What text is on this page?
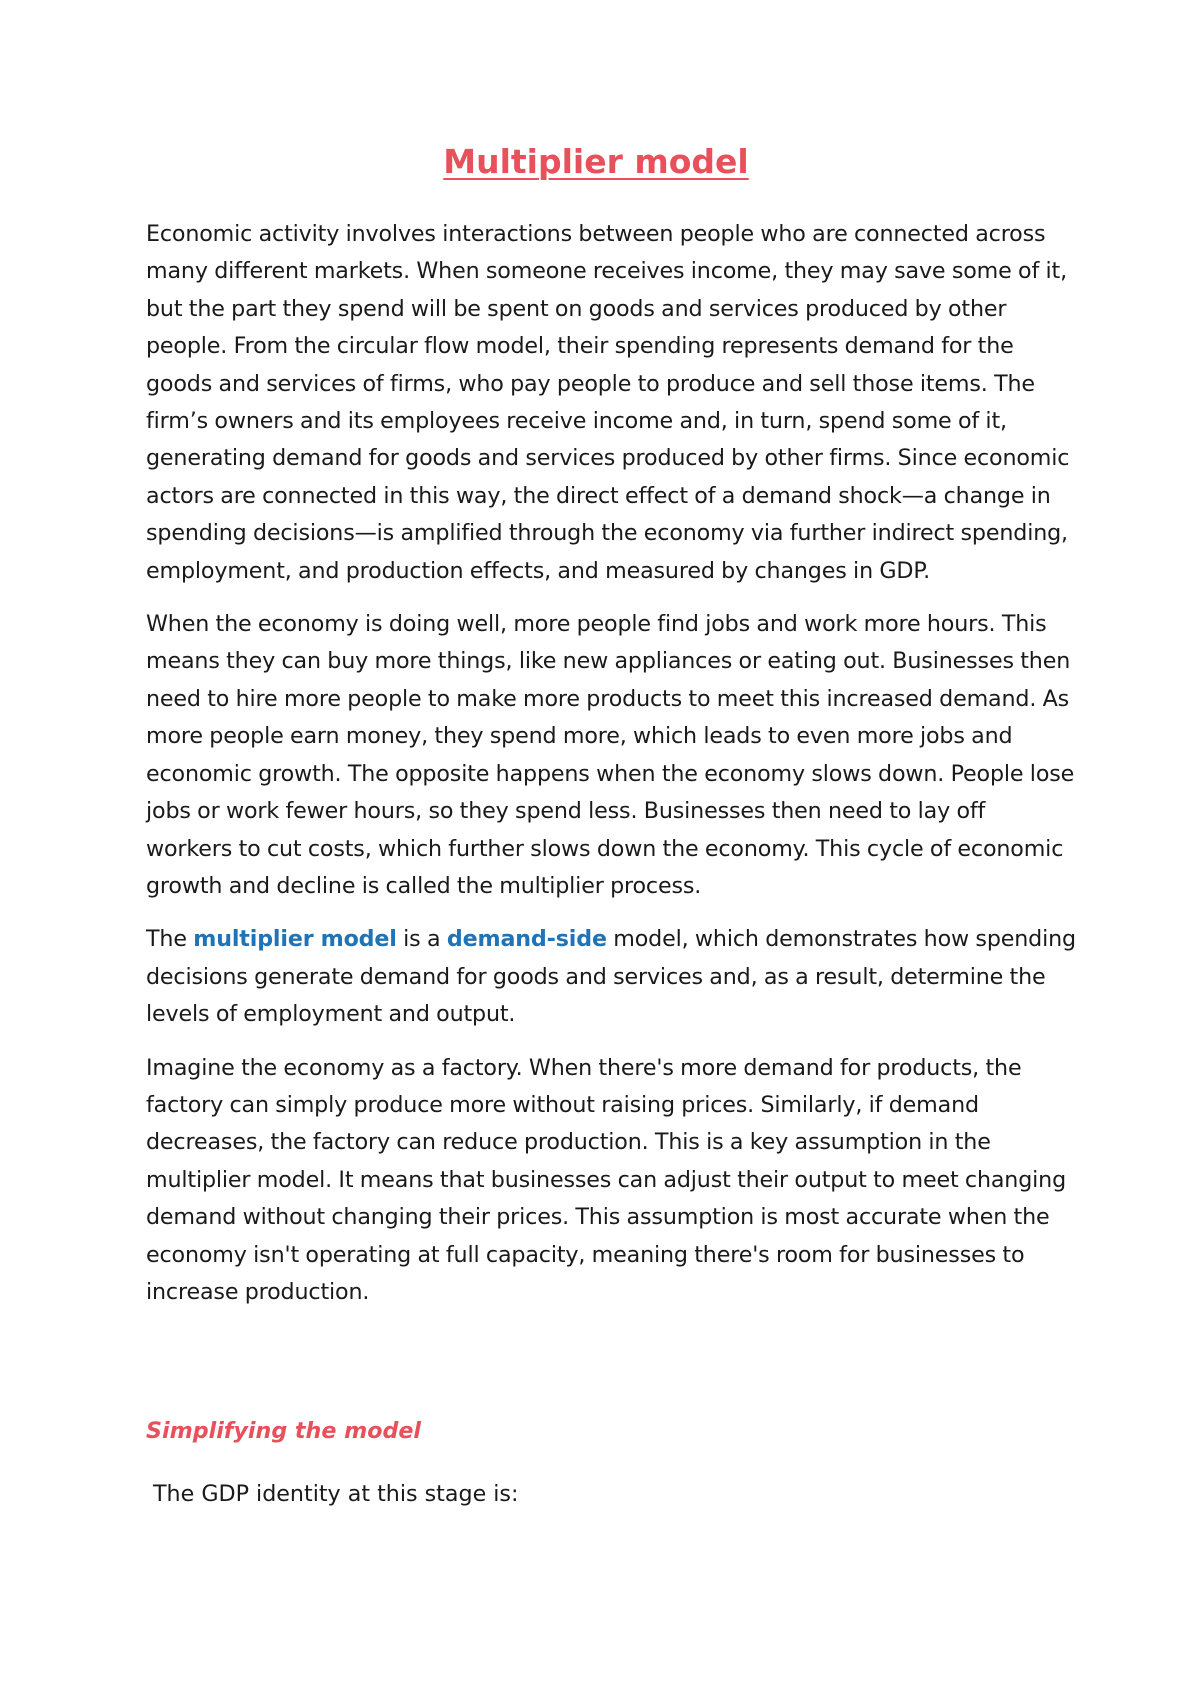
Multiplier model

Economic activity involves interactions between people who are connected across many different markets. When someone receives income, they may save some of it, but the part they spend will be spent on goods and services produced by other people. From the circular flow model, their spending represents demand for the goods and services of firms, who pay people to produce and sell those items. The firm’s owners and its employees receive income and, in turn, spend some of it, generating demand for goods and services produced by other firms. Since economic actors are connected in this way, the direct effect of a demand shock—a change in spending decisions—is amplified through the economy via further indirect spending, employment, and production effects, and measured by changes in GDP.

When the economy is doing well, more people find jobs and work more hours. This means they can buy more things, like new appliances or eating out. Businesses then need to hire more people to make more products to meet this increased demand. As more people earn money, they spend more, which leads to even more jobs and economic growth. The opposite happens when the economy slows down. People lose jobs or work fewer hours, so they spend less. Businesses then need to lay off workers to cut costs, which further slows down the economy. This cycle of economic growth and decline is called the multiplier process.

The multiplier model is a demand-side model, which demonstrates how spending decisions generate demand for goods and services and, as a result, determine the levels of employment and output.

Imagine the economy as a factory. When there's more demand for products, the factory can simply produce more without raising prices. Similarly, if demand decreases, the factory can reduce production. This is a key assumption in the multiplier model. It means that businesses can adjust their output to meet changing demand without changing their prices. This assumption is most accurate when the economy isn't operating at full capacity, meaning there's room for businesses to increase production.

Simplifying the model

The GDP identity at this stage is:
